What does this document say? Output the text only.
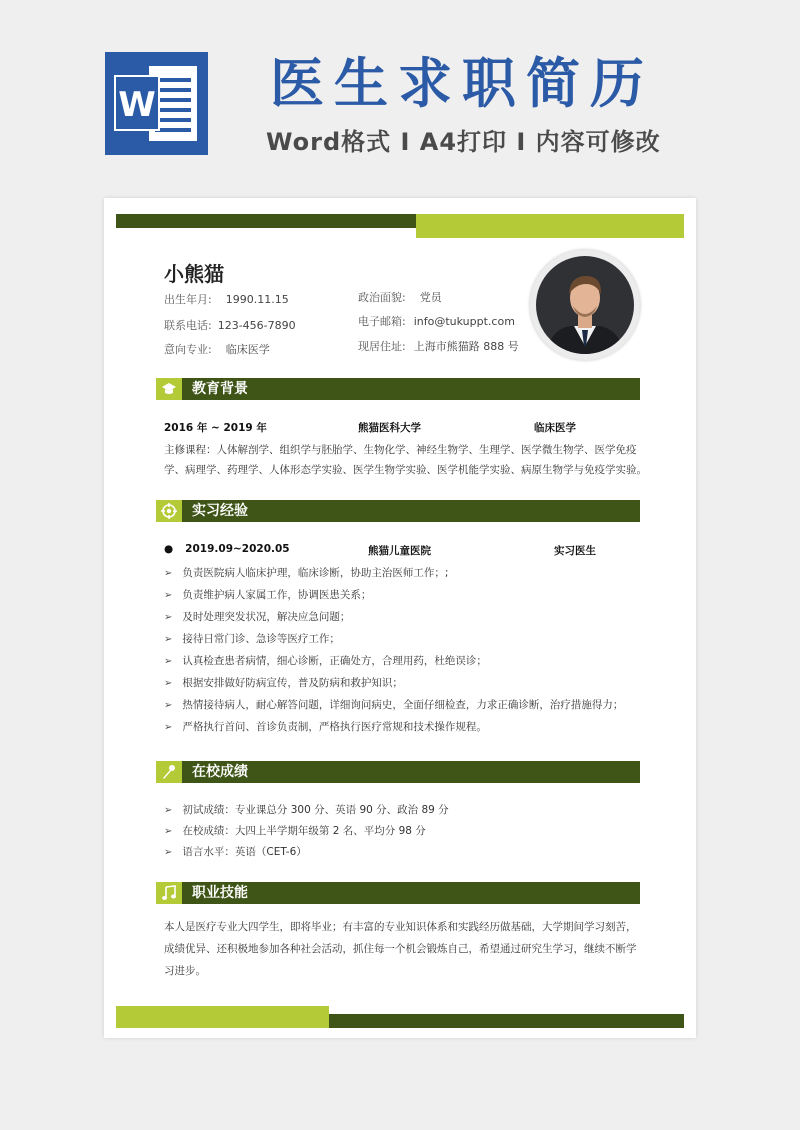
W 医生求职简历
Word格式 I A4打印 I 内容可修改
小熊猫
出生年月: 1990.11.15
联系电话: 123-456-7890
意向专业: 临床医学
政治面貌: 党员
电子邮箱: info@tukuppt.com
现居住址: 上海市熊猫路 888 号
教育背景
2016 年 ~ 2019 年	熊猫医科大学	临床医学
主修课程：人体解剖学、组织学与胚胎学、生物化学、神经生物学、生理学、医学微生物学、医学免疫
学、病理学、药理学、人体形态学实验、医学生物学实验、医学机能学实验、病原生物学与免疫学实验。
实习经验
● 2019.09~2020.05	熊猫儿童医院	实习医生
➢ 负责医院病人临床护理，临床诊断，协助主治医师工作；;
➢ 负责维护病人家属工作，协调医患关系；
➢ 及时处理突发状况，解决应急问题；
➢ 接待日常门诊、急诊等医疗工作；
➢ 认真检查患者病情，细心诊断，正确处方，合理用药，杜绝误诊；
➢ 根据安排做好防病宣传，普及防病和救护知识；
➢ 热情接待病人，耐心解答问题，详细询问病史，全面仔细检查，力求正确诊断，治疗措施得力；
➢ 严格执行首问、首诊负责制，严格执行医疗常规和技术操作规程。
在校成绩
➢ 初试成绩：专业课总分 300 分、英语 90 分、政治 89 分
➢ 在校成绩：大四上半学期年级第 2 名、平均分 98 分
➢ 语言水平：英语（CET-6）
职业技能
本人是医疗专业大四学生，即将毕业；有丰富的专业知识体系和实践经历做基础，大学期间学习刻苦，成绩优异、还积极地参加各种社会活动，抓住每一个机会锻炼自己，希望通过研究生学习，继续不断学习进步。
